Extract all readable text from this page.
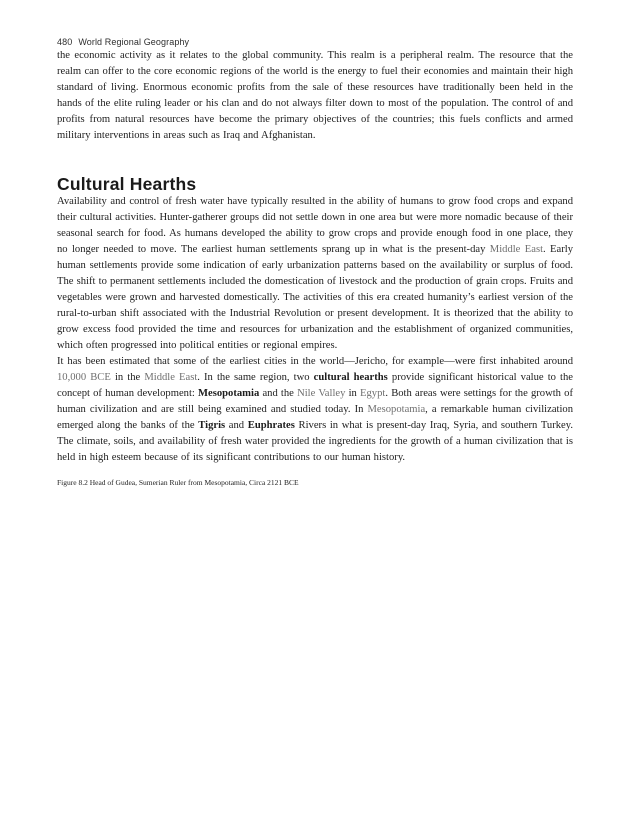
480 World Regional Geography

the economic activity as it relates to the global community. This realm is a peripheral realm. The resource that the realm can offer to the core economic regions of the world is the energy to fuel their economies and maintain their high standard of living. Enormous economic profits from the sale of these resources have traditionally been held in the hands of the elite ruling leader or his clan and do not always filter down to most of the population. The control of and profits from natural resources have become the primary objectives of the countries; this fuels conflicts and armed military interventions in areas such as Iraq and Afghanistan.

Cultural Hearths

Availability and control of fresh water have typically resulted in the ability of humans to grow food crops and expand their cultural activities. Hunter-gatherer groups did not settle down in one area but were more nomadic because of their seasonal search for food. As humans developed the ability to grow crops and provide enough food in one place, they no longer needed to move. The earliest human settlements sprang up in what is the present-day Middle East. Early human settlements provide some indication of early urbanization patterns based on the availability or surplus of food. The shift to permanent settlements included the domestication of livestock and the production of grain crops. Fruits and vegetables were grown and harvested domestically. The activities of this era created humanity’s earliest version of the rural-to-urban shift associated with the Industrial Revolution or present development. It is theorized that the ability to grow excess food provided the time and resources for urbanization and the establishment of organized communities, which often progressed into political entities or regional empires.

It has been estimated that some of the earliest cities in the world—Jericho, for example—were first inhabited around 10,000 BCE in the Middle East. In the same region, two cultural hearths provide significant historical value to the concept of human development: Mesopotamia and the Nile Valley in Egypt. Both areas were settings for the growth of human civilization and are still being examined and studied today. In Mesopotamia, a remarkable human civilization emerged along the banks of the Tigris and Euphrates Rivers in what is present-day Iraq, Syria, and southern Turkey. The climate, soils, and availability of fresh water provided the ingredients for the growth of a human civilization that is held in high esteem because of its significant contributions to our human history.

Figure 8.2 Head of Gudea, Sumerian Ruler from Mesopotamia, Circa 2121 BCE
